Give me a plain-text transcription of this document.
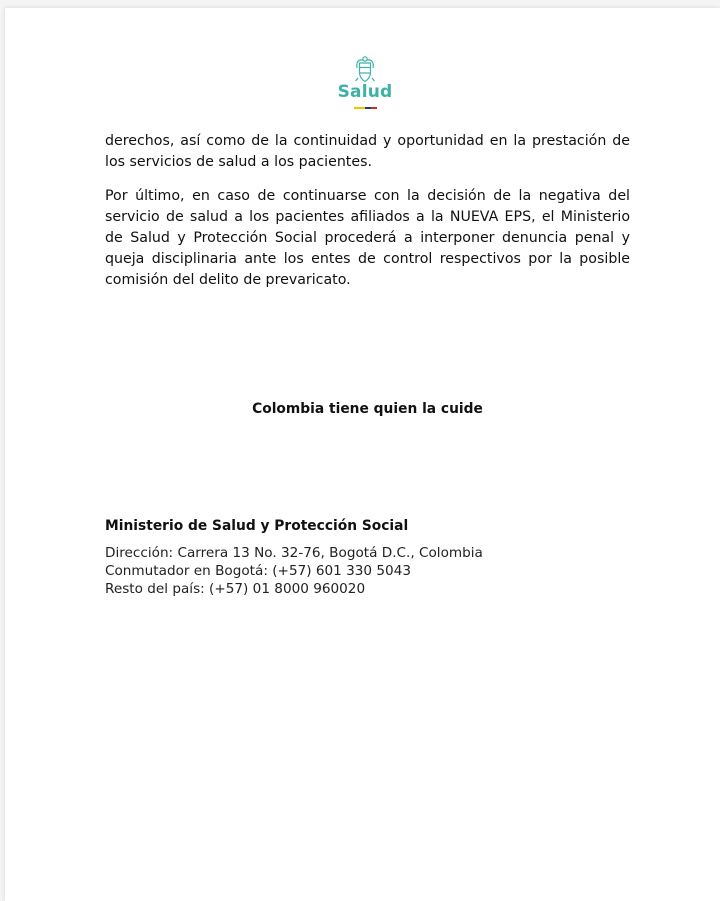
Salud
derechos, así como de la continuidad y oportunidad en la prestación de los servicios de salud a los pacientes.
Por último, en caso de continuarse con la decisión de la negativa del servicio de salud a los pacientes afiliados a la NUEVA EPS, el Ministerio de Salud y Protección Social procederá a interponer denuncia penal y queja disciplinaria ante los entes de control respectivos por la posible comisión del delito de prevaricato.
Colombia tiene quien la cuide
Ministerio de Salud y Protección Social
Dirección: Carrera 13 No. 32-76, Bogotá D.C., Colombia
Conmutador en Bogotá: (+57) 601 330 5043
Resto del país: (+57) 01 8000 960020
